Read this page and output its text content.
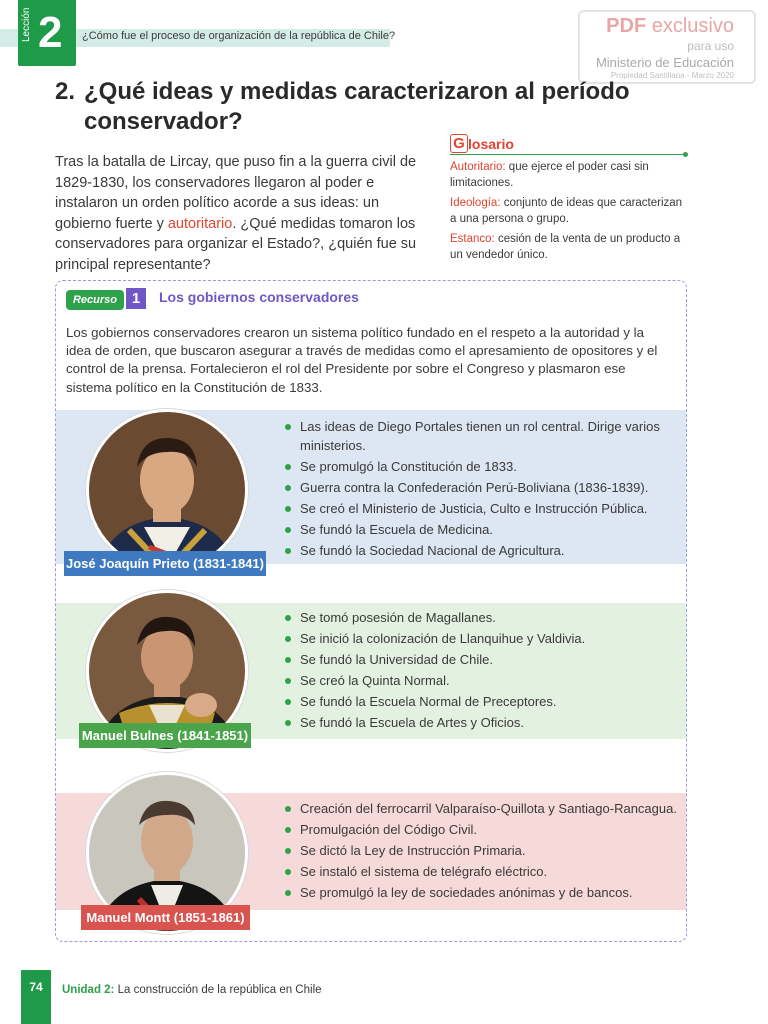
Lección 2 ¿Cómo fue el proceso de organización de la república de Chile?	PDF exclusivo
para uso
Ministerio de Educación
Propiedad Santillana - Marzo 2020
2. ¿Qué ideas y medidas caracterizaron al período
conservador?
Tras la batalla de Lircay, que puso fin a la guerra civil de 1829-1830, los conservadores llegaron al poder e instalaron un orden político acorde a sus ideas: un gobierno fuerte y autoritario. ¿Qué medidas tomaron los conservadores para organizar el Estado?, ¿quién fue su principal representante?
G losario
Autoritario: que ejerce el poder casi sin limitaciones.
Ideología: conjunto de ideas que caracterizan a una persona o grupo.
Estanco: cesión de la venta de un producto a un vendedor único.
Recurso 1	Los gobiernos conservadores
Los gobiernos conservadores crearon un sistema político fundado en el respeto a la autoridad y la idea de orden, que buscaron asegurar a través de medidas como el apresamiento de opositores y el control de la prensa. Fortalecieron el rol del Presidente por sobre el Congreso y plasmaron ese sistema político en la Constitución de 1833.
José Joaquín Prieto (1831-1841)
Manuel Bulnes (1841-1851)
Manuel Montt (1851-1861)
Las ideas de Diego Portales tienen un rol central. Dirige varios ministerios.
Se promulgó la Constitución de 1833.
Guerra contra la Confederación Perú-Boliviana (1836-1839).
Se creó el Ministerio de Justicia, Culto e Instrucción Pública.
Se fundó la Escuela de Medicina.
Se fundó la Sociedad Nacional de Agricultura.
Se tomó posesión de Magallanes.
Se inició la colonización de Llanquihue y Valdivia.
Se fundó la Universidad de Chile.
Se creó la Quinta Normal.
Se fundó la Escuela Normal de Preceptores.
Se fundó la Escuela de Artes y Oficios.
Creación del ferrocarril Valparaíso-Quillota y Santiago-Rancagua.
Promulgación del Código Civil.
Se dictó la Ley de Instrucción Primaria.
Se instaló el sistema de telégrafo eléctrico.
Se promulgó la ley de sociedades anónimas y de bancos.
74	Unidad 2: La construcción de la república en Chile
